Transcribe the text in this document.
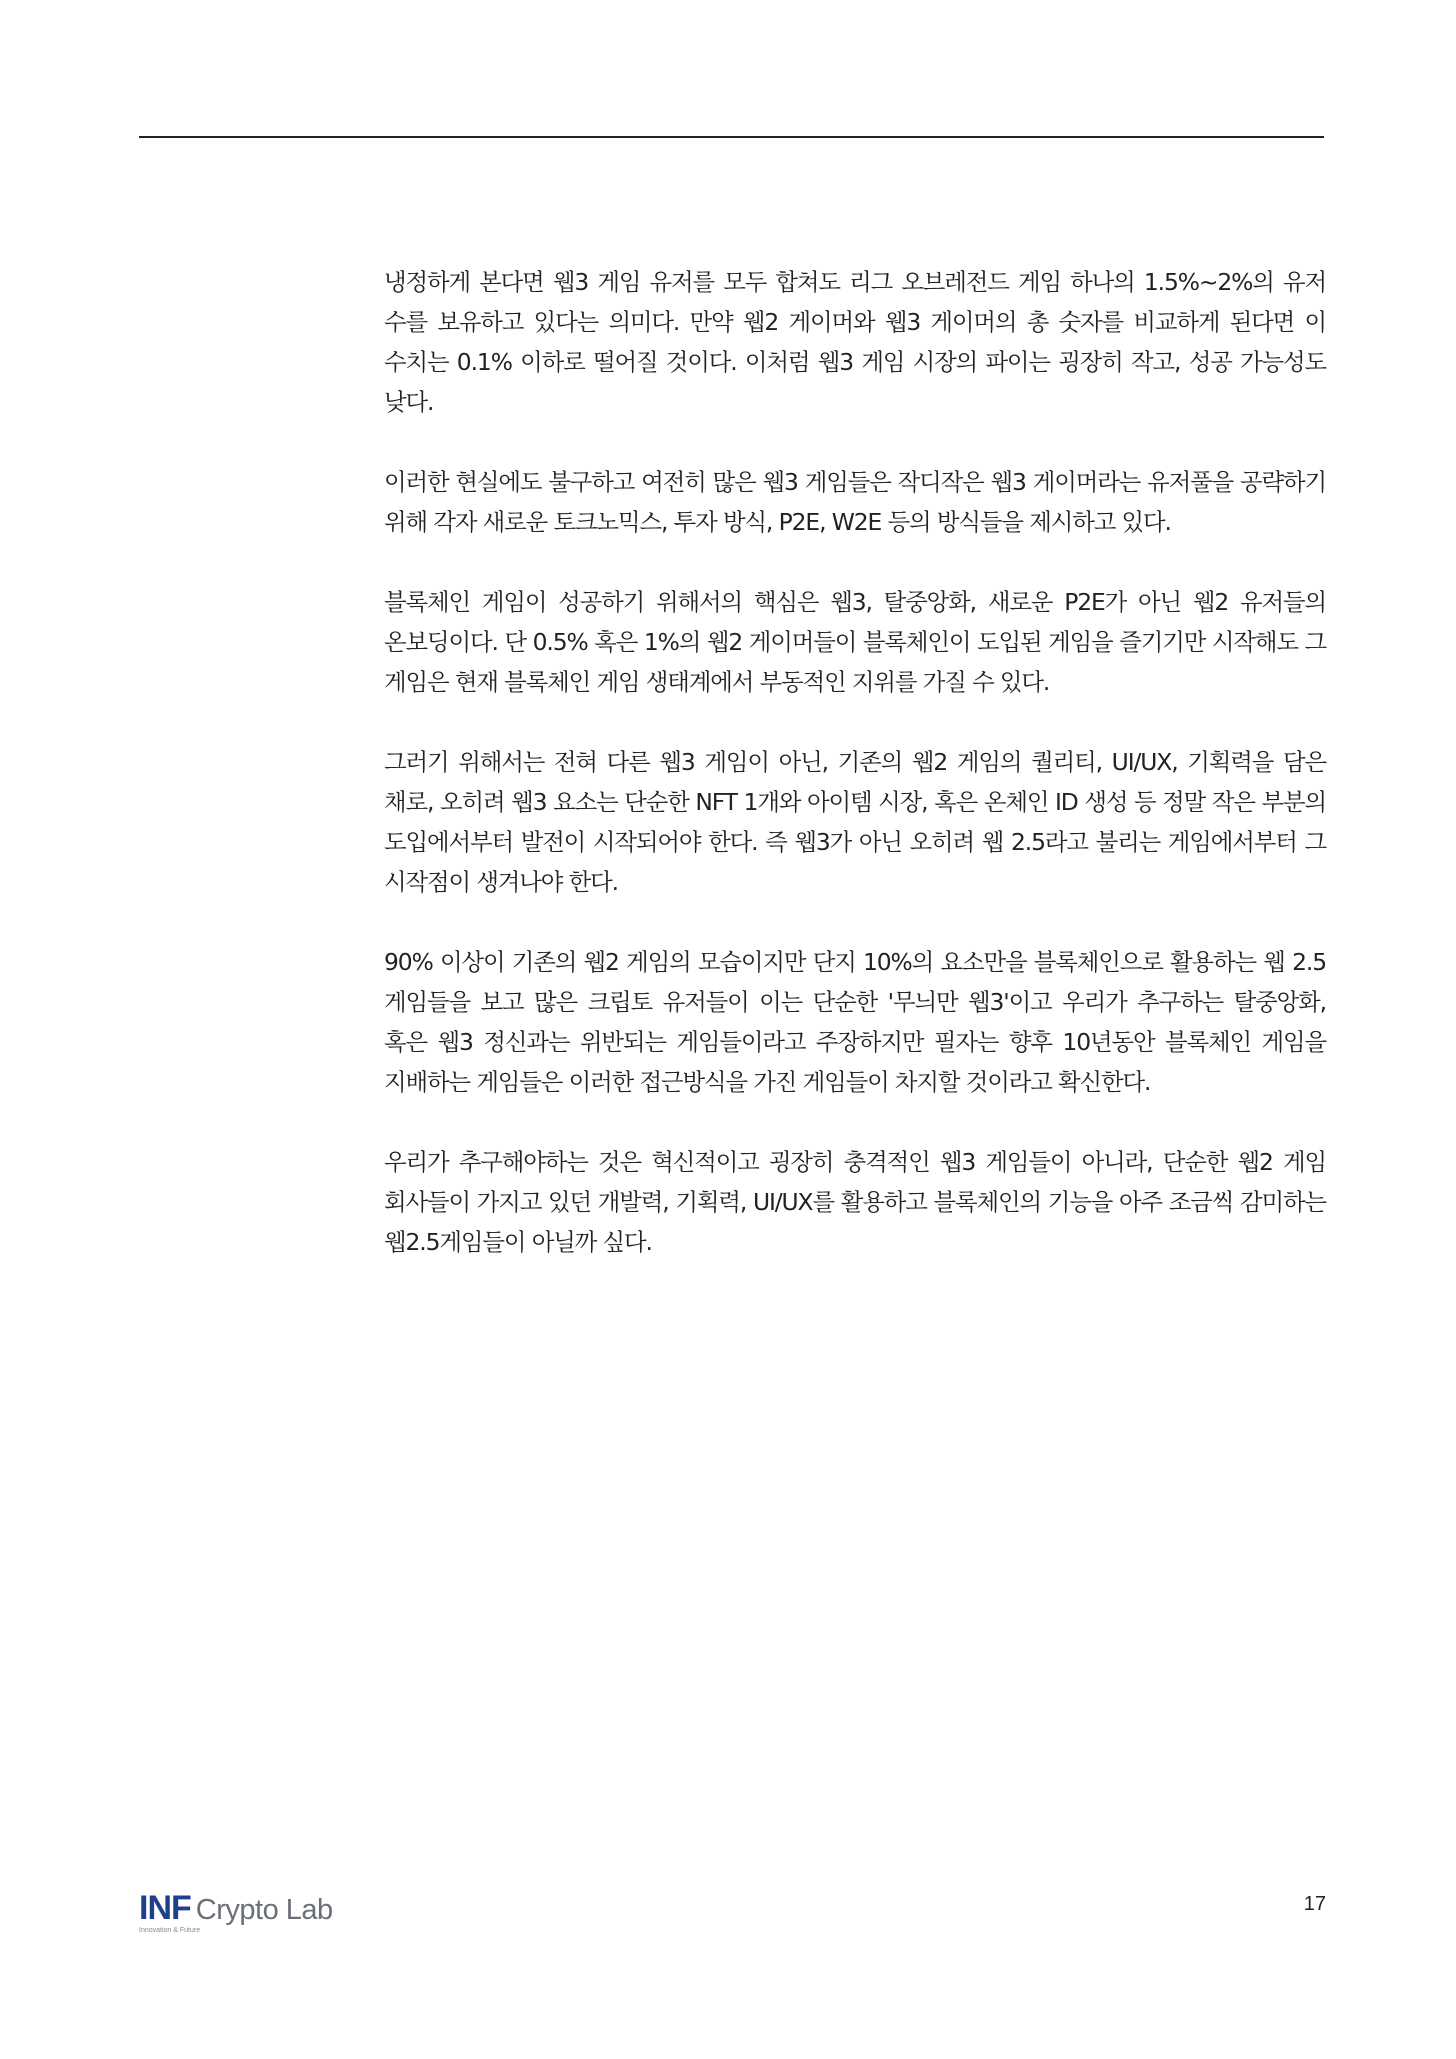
냉정하게 본다면 웹3 게임 유저를 모두 합쳐도 리그 오브레전드 게임 하나의 1.5%~2%의 유저 수를 보유하고 있다는 의미다. 만약 웹2 게이머와 웹3 게이머의 총 숫자를 비교하게 된다면 이 수치는 0.1% 이하로 떨어질 것이다. 이처럼 웹3 게임 시장의 파이는 굉장히 작고, 성공 가능성도 낮다.

이러한 현실에도 불구하고 여전히 많은 웹3 게임들은 작디작은 웹3 게이머라는 유저풀을 공략하기 위해 각자 새로운 토크노믹스, 투자 방식, P2E, W2E 등의 방식들을 제시하고 있다.

블록체인 게임이 성공하기 위해서의 핵심은 웹3, 탈중앙화, 새로운 P2E가 아닌 웹2 유저들의 온보딩이다. 단 0.5% 혹은 1%의 웹2 게이머들이 블록체인이 도입된 게임을 즐기기만 시작해도 그 게임은 현재 블록체인 게임 생태계에서 부동적인 지위를 가질 수 있다.

그러기 위해서는 전혀 다른 웹3 게임이 아닌, 기존의 웹2 게임의 퀄리티, UI/UX, 기획력을 담은 채로, 오히려 웹3 요소는 단순한 NFT 1개와 아이템 시장, 혹은 온체인 ID 생성 등 정말 작은 부분의 도입에서부터 발전이 시작되어야 한다. 즉 웹3가 아닌 오히려 웹 2.5라고 불리는 게임에서부터 그 시작점이 생겨나야 한다.

90% 이상이 기존의 웹2 게임의 모습이지만 단지 10%의 요소만을 블록체인으로 활용하는 웹 2.5 게임들을 보고 많은 크립토 유저들이 이는 단순한 '무늬만 웹3'이고 우리가 추구하는 탈중앙화, 혹은 웹3 정신과는 위반되는 게임들이라고 주장하지만 필자는 향후 10년동안 블록체인 게임을 지배하는 게임들은 이러한 접근방식을 가진 게임들이 차지할 것이라고 확신한다.

우리가 추구해야하는 것은 혁신적이고 굉장히 충격적인 웹3 게임들이 아니라, 단순한 웹2 게임 회사들이 가지고 있던 개발력, 기획력, UI/UX를 활용하고 블록체인의 기능을 아주 조금씩 감미하는 웹2.5게임들이 아닐까 싶다.

INF Crypto Lab
Innovation & Future
17
